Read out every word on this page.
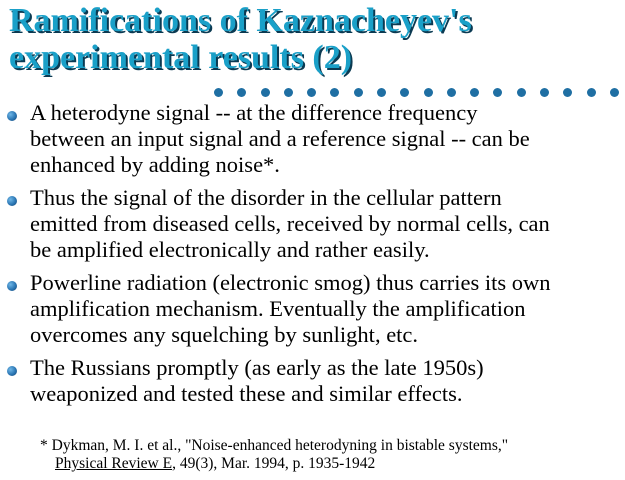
Ramifications of Kaznacheyev's
experimental results (2)
A heterodyne signal -- at the difference frequency
between an input signal and a reference signal -- can be
enhanced by adding noise*.
Thus the signal of the disorder in the cellular pattern
emitted from diseased cells, received by normal cells, can
be amplified electronically and rather easily.
Powerline radiation (electronic smog) thus carries its own
amplification mechanism. Eventually the amplification
overcomes any squelching by sunlight, etc.
The Russians promptly (as early as the late 1950s)
weaponized and tested these and similar effects.
* Dykman, M. I. et al., "Noise-enhanced heterodyning in bistable systems,"
Physical Review E, 49(3), Mar. 1994, p. 1935-1942
